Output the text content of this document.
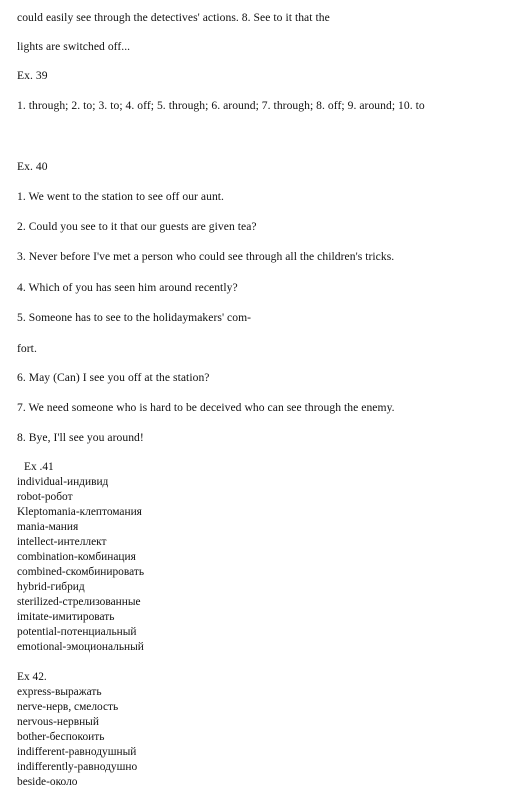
could easily see through the detectives' actions. 8. See to it that the
lights are switched off...
Ex. 39
1. through; 2. to; 3. to; 4. off; 5. through; 6. around; 7. through; 8. off; 9. around; 10. to
Ex. 40
1. We went to the station to see off our aunt.
2. Could you see to it that our guests are given tea?
3. Never before I've met a person who could see through all the children's tricks.
4. Which of you has seen him around recently?
5. Someone has to see to the holidaymakers' com-
fort.
6. May (Can) I see you off at the station?
7. We need someone who is hard to be deceived who can see through the enemy.
8. Bye, I'll see you around!
Ex .41
individual-индивид
robot-робот
Kleptomania-клептомания
mania-мания
intellect-интеллект
combination-комбинация
combined-скомбинировать
hybrid-гибрид
sterilized-стрелизованные
imitate-имитировать
potential-потенциальный
emotional-эмоциональный
Ex 42.
express-выражать
nerve-нерв, смелость
nervous-нервный
bother-беспокоить
indifferent-равнодушный
indifferently-равнодушно
beside-около
